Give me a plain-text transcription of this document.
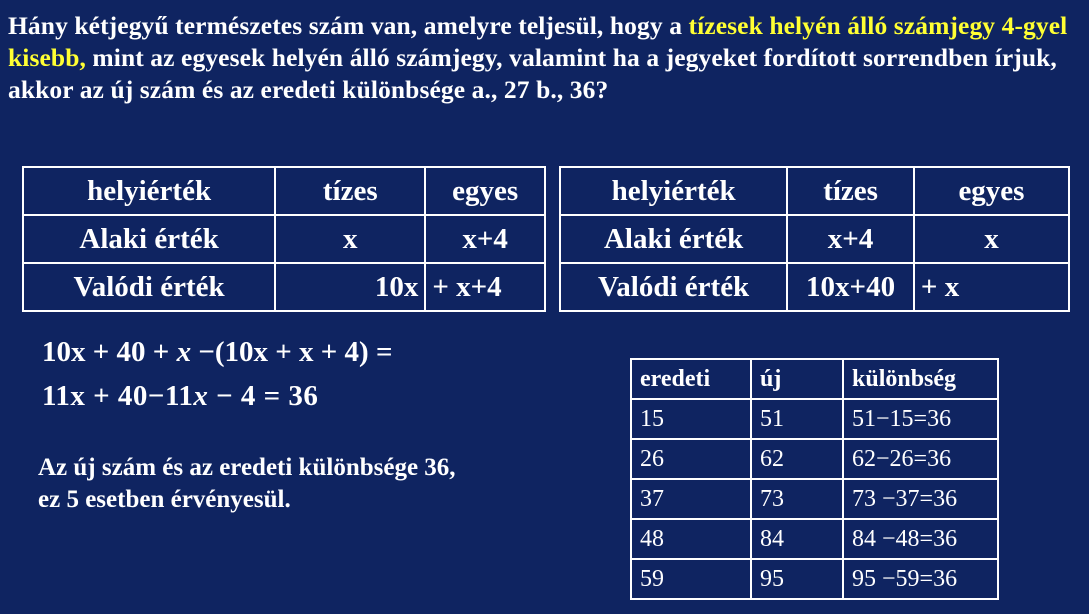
Hány kétjegyű természetes szám van, amelyre teljesül, hogy a tízesek helyén álló számjegy 4-gyel kisebb, mint az egyesek helyén álló számjegy, valamint ha a jegyeket fordított sorrendben írjuk, akkor az új szám és az eredeti különbsége a., 27 b., 36?
helyiérték	tízes	egyes
Alaki érték	x	x+4
Valódi érték	10x	+ x+4
helyiérték	tízes	egyes
Alaki érték	x+4	x
Valódi érték	10x+40	+ x
10x + 40 + x −(10x + x + 4) =
11x + 40−11x − 4 = 36
Az új szám és az eredeti különbsége 36,
ez 5 esetben érvényesül.
eredeti	új	különbség
15	51	51−15=36
26	62	62−26=36
37	73	73 −37=36
48	84	84 −48=36
59	95	95 −59=36
